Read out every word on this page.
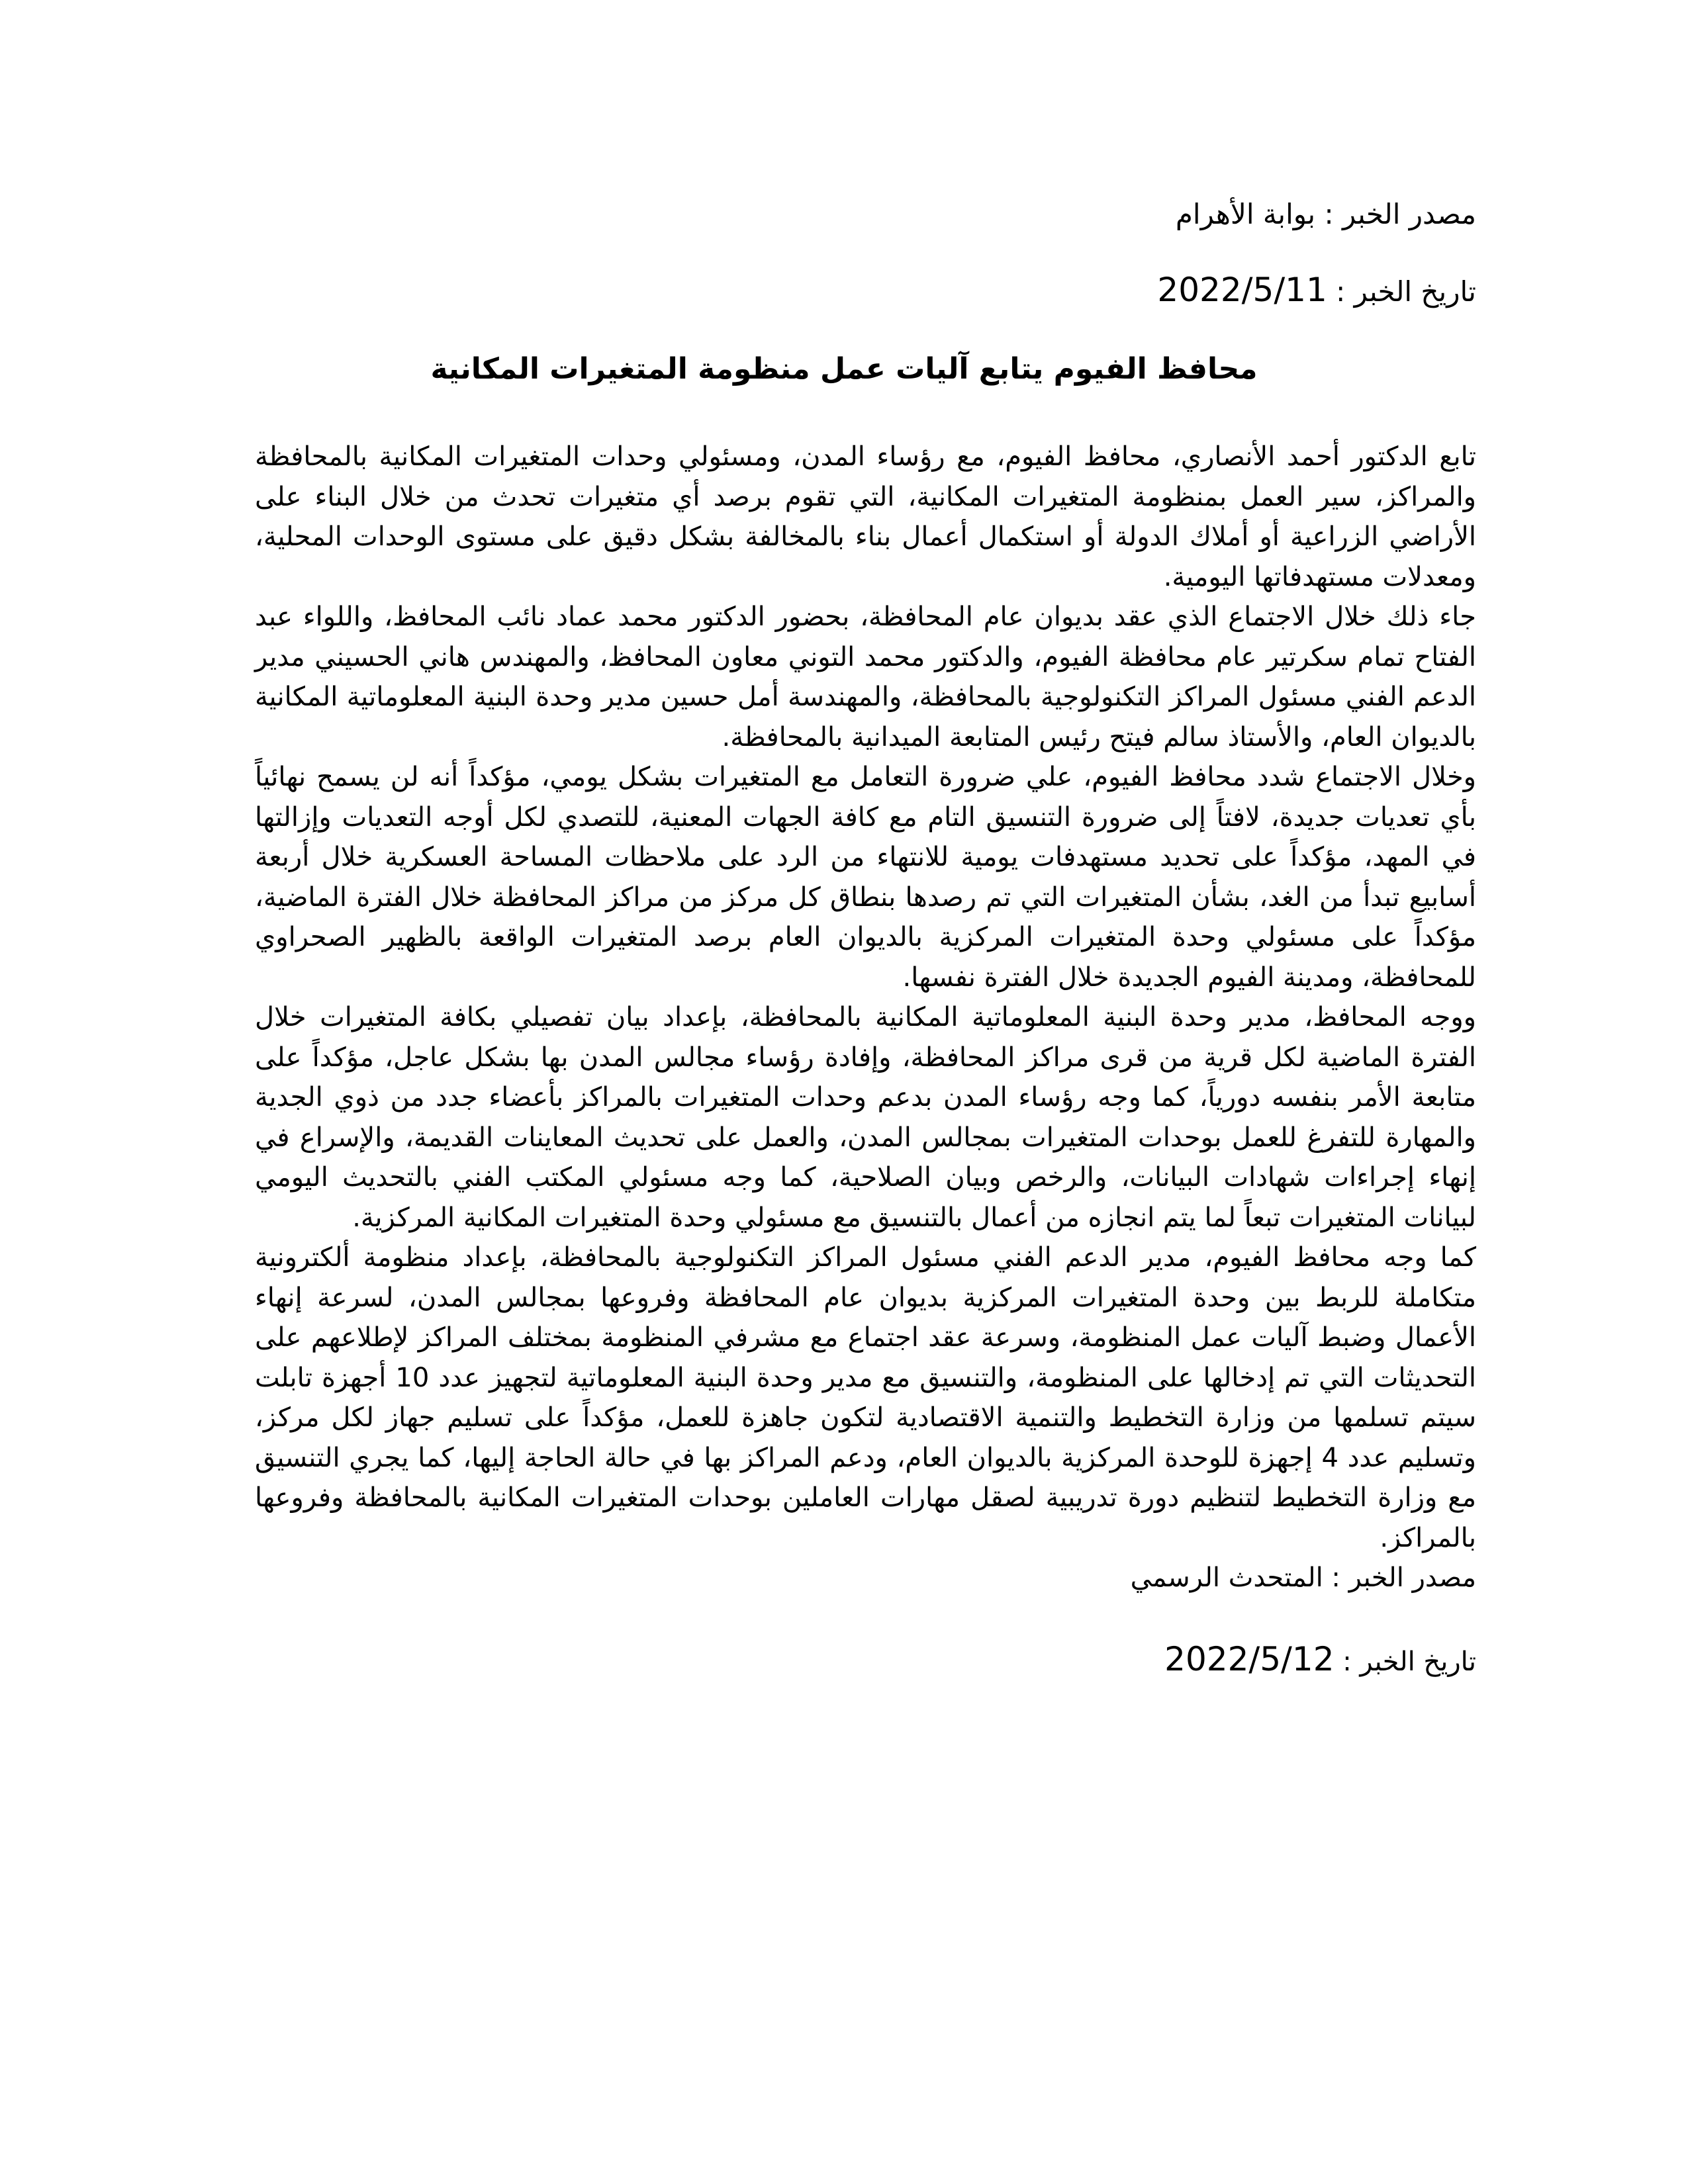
مصدر الخبر : بوابة الأهرام
تاريخ الخبر : 2022/5/11
محافظ الفيوم يتابع آليات عمل منظومة المتغيرات المكانية

تابع الدكتور أحمد الأنصاري، محافظ الفيوم، مع رؤساء المدن، ومسئولي وحدات المتغيرات المكانية بالمحافظة والمراكز، سير العمل بمنظومة المتغيرات المكانية، التي تقوم برصد أي متغيرات تحدث من خلال البناء على الأراضي الزراعية أو أملاك الدولة أو استكمال أعمال بناء بالمخالفة بشكل دقيق على مستوى الوحدات المحلية، ومعدلات مستهدفاتها اليومية.

جاء ذلك خلال الاجتماع الذي عقد بديوان عام المحافظة، بحضور الدكتور محمد عماد نائب المحافظ، واللواء عبد الفتاح تمام سكرتير عام محافظة الفيوم، والدكتور محمد التوني معاون المحافظ، والمهندس هاني الحسيني مدير الدعم الفني مسئول المراكز التكنولوجية بالمحافظة، والمهندسة أمل حسين مدير وحدة البنية المعلوماتية المكانية بالديوان العام، والأستاذ سالم فيتح رئيس المتابعة الميدانية بالمحافظة.

وخلال الاجتماع شدد محافظ الفيوم، علي ضرورة التعامل مع المتغيرات بشكل يومي، مؤكداً أنه لن يسمح نهائياً بأي تعديات جديدة، لافتاً إلى ضرورة التنسيق التام مع كافة الجهات المعنية، للتصدي لكل أوجه التعديات وإزالتها في المهد، مؤكداً على تحديد مستهدفات يومية للانتهاء من الرد على ملاحظات المساحة العسكرية خلال أربعة أسابيع تبدأ من الغد، بشأن المتغيرات التي تم رصدها بنطاق كل مركز من مراكز المحافظة خلال الفترة الماضية، مؤكداً على مسئولي وحدة المتغيرات المركزية بالديوان العام برصد المتغيرات الواقعة بالظهير الصحراوي للمحافظة، ومدينة الفيوم الجديدة خلال الفترة نفسها.

ووجه المحافظ، مدير وحدة البنية المعلوماتية المكانية بالمحافظة، بإعداد بيان تفصيلي بكافة المتغيرات خلال الفترة الماضية لكل قرية من قرى مراكز المحافظة، وإفادة رؤساء مجالس المدن بها بشكل عاجل، مؤكداً على متابعة الأمر بنفسه دورياً، كما وجه رؤساء المدن بدعم وحدات المتغيرات بالمراكز بأعضاء جدد من ذوي الجدية والمهارة للتفرغ للعمل بوحدات المتغيرات بمجالس المدن، والعمل على تحديث المعاينات القديمة، والإسراع في إنهاء إجراءات شهادات البيانات، والرخص وبيان الصلاحية، كما وجه مسئولي المكتب الفني بالتحديث اليومي لبيانات المتغيرات تبعاً لما يتم انجازه من أعمال بالتنسيق مع مسئولي وحدة المتغيرات المكانية المركزية.

كما وجه محافظ الفيوم، مدير الدعم الفني مسئول المراكز التكنولوجية بالمحافظة، بإعداد منظومة ألكترونية متكاملة للربط بين وحدة المتغيرات المركزية بديوان عام المحافظة وفروعها بمجالس المدن، لسرعة إنهاء الأعمال وضبط آليات عمل المنظومة، وسرعة عقد اجتماع مع مشرفي المنظومة بمختلف المراكز لإطلاعهم على التحديثات التي تم إدخالها على المنظومة، والتنسيق مع مدير وحدة البنية المعلوماتية لتجهيز عدد 10 أجهزة تابلت سيتم تسلمها من وزارة التخطيط والتنمية الاقتصادية لتكون جاهزة للعمل، مؤكداً على تسليم جهاز لكل مركز، وتسليم عدد 4 إجهزة للوحدة المركزية بالديوان العام، ودعم المراكز بها في حالة الحاجة إليها، كما يجري التنسيق مع وزارة التخطيط لتنظيم دورة تدريبية لصقل مهارات العاملين بوحدات المتغيرات المكانية بالمحافظة وفروعها بالمراكز.

مصدر الخبر : المتحدث الرسمي
تاريخ الخبر : 2022/5/12
